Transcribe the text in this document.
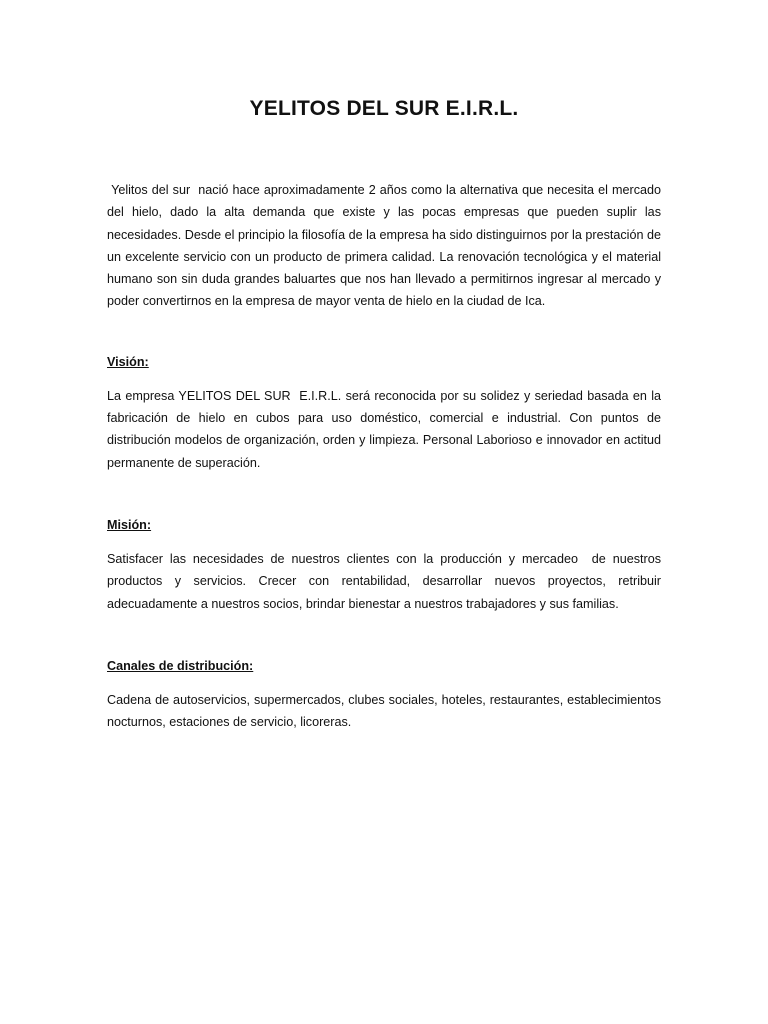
YELITOS DEL SUR E.I.R.L.

Yelitos del sur  nació hace aproximadamente 2 años como la alternativa que necesita el mercado del hielo, dado la alta demanda que existe y las pocas empresas que pueden suplir las necesidades. Desde el principio la filosofía de la empresa ha sido distinguirnos por la prestación de un excelente servicio con un producto de primera calidad. La renovación tecnológica y el material humano son sin duda grandes baluartes que nos han llevado a permitirnos ingresar al mercado y poder convertirnos en la empresa de mayor venta de hielo en la ciudad de Ica.

Visión:

La empresa YELITOS DEL SUR  E.I.R.L. será reconocida por su solidez y seriedad basada en la fabricación de hielo en cubos para uso doméstico, comercial e industrial. Con puntos de distribución modelos de organización, orden y limpieza. Personal Laborioso e innovador en actitud permanente de superación.

Misión:

Satisfacer las necesidades de nuestros clientes con la producción y mercadeo  de nuestros productos y servicios. Crecer con rentabilidad, desarrollar nuevos proyectos, retribuir adecuadamente a nuestros socios, brindar bienestar a nuestros trabajadores y sus familias.

Canales de distribución:

Cadena de autoservicios, supermercados, clubes sociales, hoteles, restaurantes, establecimientos nocturnos, estaciones de servicio, licoreras.
